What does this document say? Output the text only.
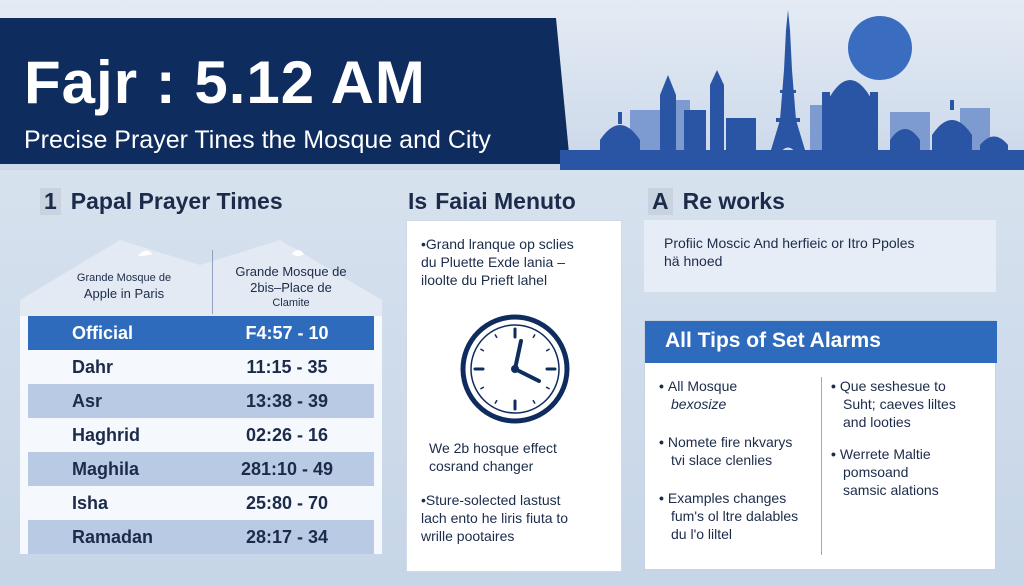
Fajr : 5.12 AM
Precise Prayer Tines the Mosque and City
1 Papal Prayer Times	Is Faiai Menuto	A Re works
Grande Mosque de
Apple in Paris
Grande Mosque de
2bis–Place de
Clamite
Official	F4:57 - 10
Dahr	11:15 - 35
Asr	13:38 - 39
Haghrid	02:26 - 16
Maghila	281:10 - 49
Isha	25:80 - 70
Ramadan	28:17 - 34
•Grand lranque op sclies
du Pluette Exde lania –
iloolte du Prieft lahel
We 2b hosque effect
cosrand changer
•Sture-solected lastust
lach ento he liris fiuta to
wrille pootaires
Profiic Moscic And herfieic or Itro Ppoles
hä hnoed
All Tips of Set Alarms
• All Mosque
bexosize
• Nomete fire nkvarys
tvi slace clenlies
• Examples changes
fum's ol ltre dalables
du l'o liltel
• Que seshesue to
Suht; caeves liltes
and looties
• Werrete Maltie
pomsoand
samsic alations
